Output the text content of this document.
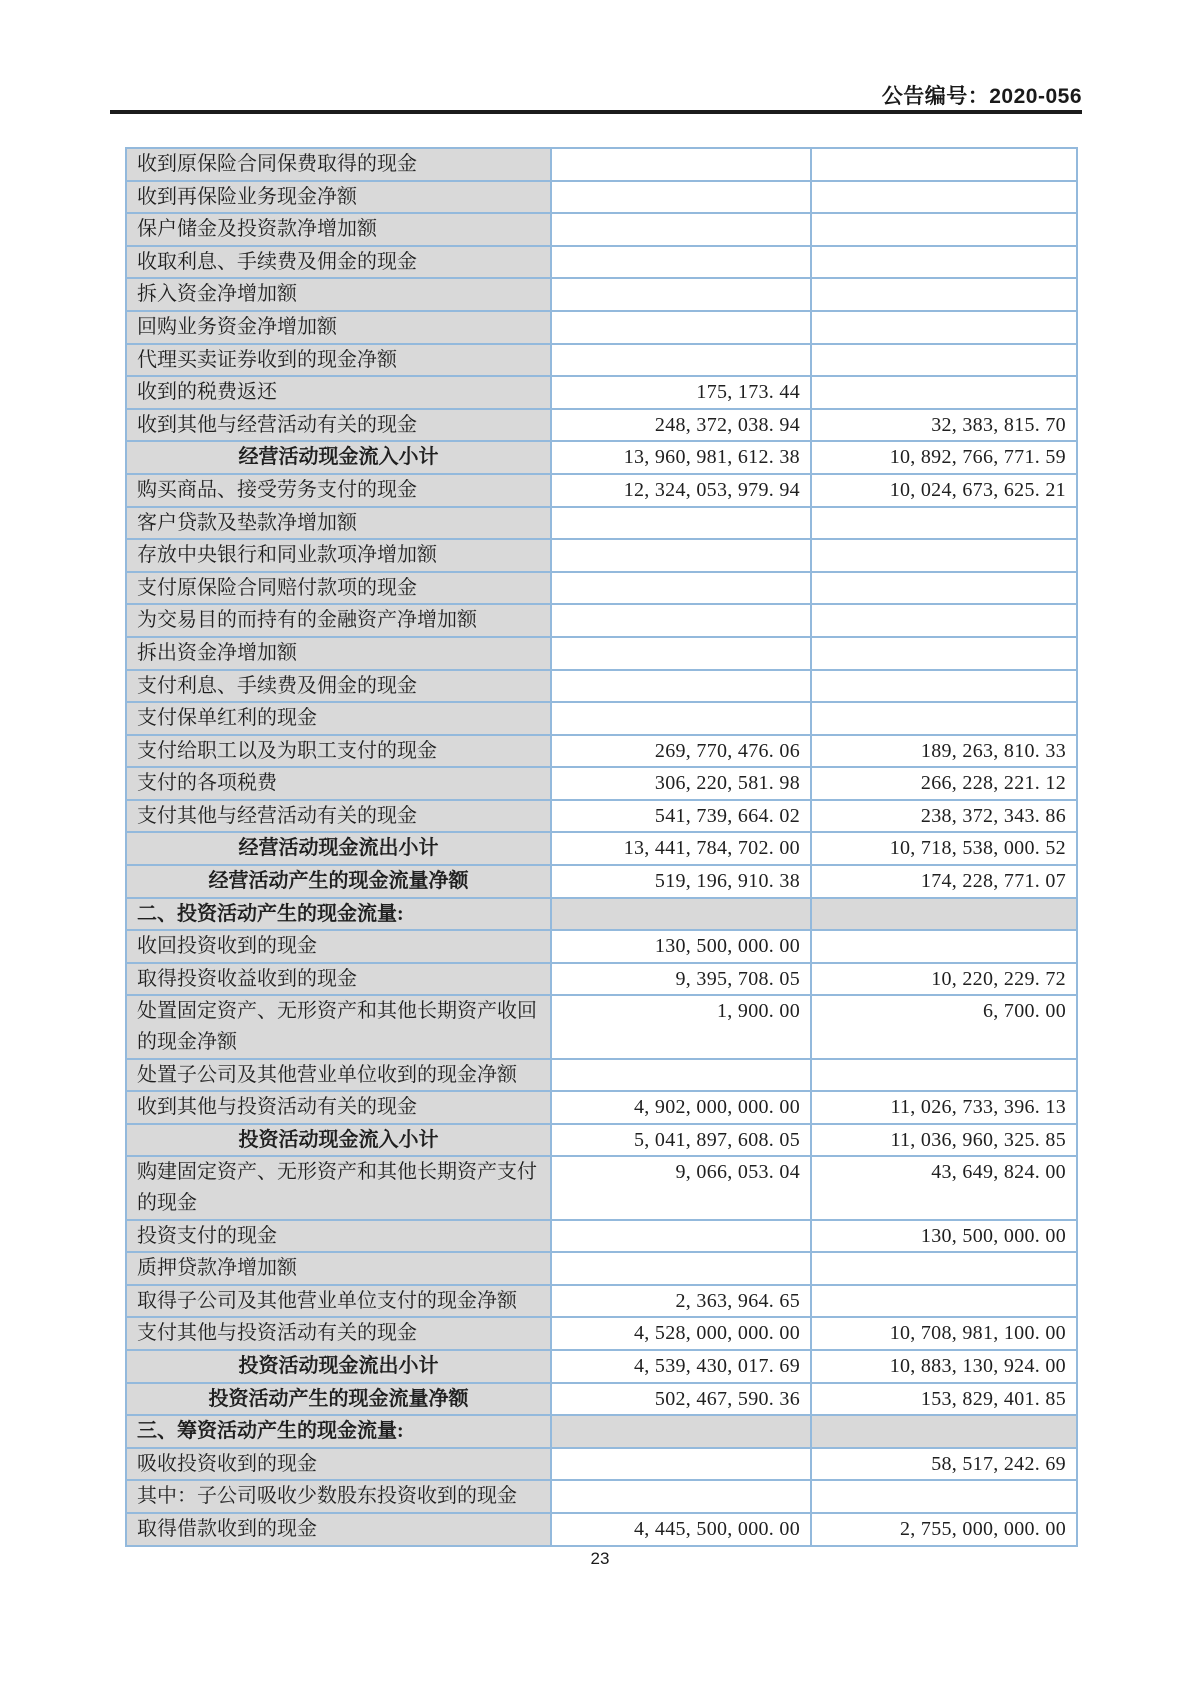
公告编号：2020-056
收到原保险合同保费取得的现金		
收到再保险业务现金净额		
保户储金及投资款净增加额		
收取利息、手续费及佣金的现金		
拆入资金净增加额		
回购业务资金净增加额		
代理买卖证券收到的现金净额		
收到的税费返还	175, 173. 44	
收到其他与经营活动有关的现金	248, 372, 038. 94	32, 383, 815. 70
经营活动现金流入小计	13, 960, 981, 612. 38	10, 892, 766, 771. 59
购买商品、接受劳务支付的现金	12, 324, 053, 979. 94	10, 024, 673, 625. 21
客户贷款及垫款净增加额		
存放中央银行和同业款项净增加额		
支付原保险合同赔付款项的现金		
为交易目的而持有的金融资产净增加额		
拆出资金净增加额		
支付利息、手续费及佣金的现金		
支付保单红利的现金		
支付给职工以及为职工支付的现金	269, 770, 476. 06	189, 263, 810. 33
支付的各项税费	306, 220, 581. 98	266, 228, 221. 12
支付其他与经营活动有关的现金	541, 739, 664. 02	238, 372, 343. 86
经营活动现金流出小计	13, 441, 784, 702. 00	10, 718, 538, 000. 52
经营活动产生的现金流量净额	519, 196, 910. 38	174, 228, 771. 07
二、投资活动产生的现金流量:		
收回投资收到的现金	130, 500, 000. 00	
取得投资收益收到的现金	9, 395, 708. 05	10, 220, 229. 72
处置固定资产、无形资产和其他长期资产收回的现金净额	1, 900. 00	6, 700. 00
处置子公司及其他营业单位收到的现金净额		
收到其他与投资活动有关的现金	4, 902, 000, 000. 00	11, 026, 733, 396. 13
投资活动现金流入小计	5, 041, 897, 608. 05	11, 036, 960, 325. 85
购建固定资产、无形资产和其他长期资产支付的现金	9, 066, 053. 04	43, 649, 824. 00
投资支付的现金		130, 500, 000. 00
质押贷款净增加额		
取得子公司及其他营业单位支付的现金净额	2, 363, 964. 65	
支付其他与投资活动有关的现金	4, 528, 000, 000. 00	10, 708, 981, 100. 00
投资活动现金流出小计	4, 539, 430, 017. 69	10, 883, 130, 924. 00
投资活动产生的现金流量净额	502, 467, 590. 36	153, 829, 401. 85
三、筹资活动产生的现金流量:		
吸收投资收到的现金		58, 517, 242. 69
其中：子公司吸收少数股东投资收到的现金		
取得借款收到的现金	4, 445, 500, 000. 00	2, 755, 000, 000. 00
23
